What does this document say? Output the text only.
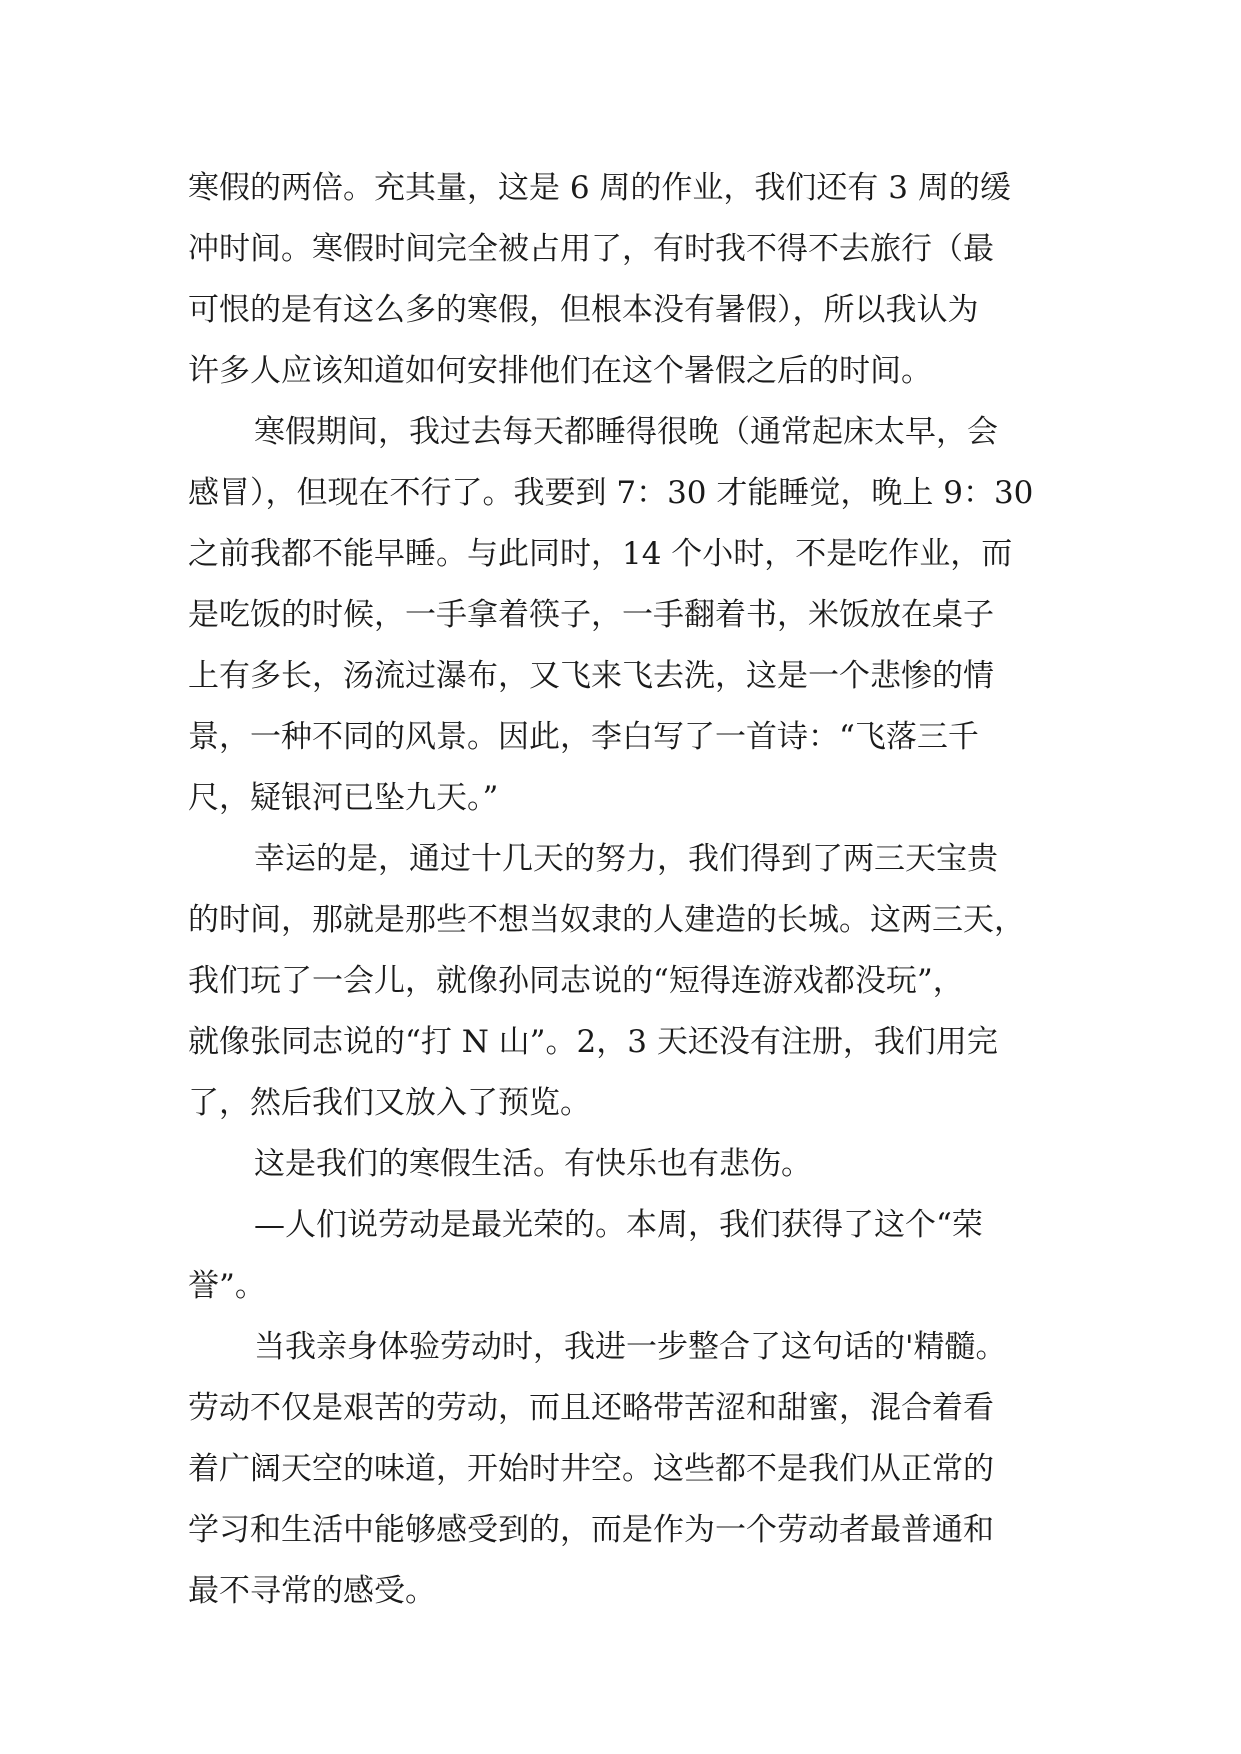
寒假的两倍。充其量，这是 6 周的作业，我们还有 3 周的缓
冲时间。寒假时间完全被占用了，有时我不得不去旅行（最
可恨的是有这么多的寒假，但根本没有暑假），所以我认为
许多人应该知道如何安排他们在这个暑假之后的时间。
寒假期间，我过去每天都睡得很晚（通常起床太早，会
感冒），但现在不行了。我要到 7：30 才能睡觉，晚上 9：30
之前我都不能早睡。与此同时，14 个小时，不是吃作业，而
是吃饭的时候，一手拿着筷子，一手翻着书，米饭放在桌子
上有多长，汤流过瀑布，又飞来飞去洗，这是一个悲惨的情
景，一种不同的风景。因此，李白写了一首诗：“飞落三千
尺，疑银河已坠九天。”
幸运的是，通过十几天的努力，我们得到了两三天宝贵
的时间，那就是那些不想当奴隶的人建造的长城。这两三天，
我们玩了一会儿，就像孙同志说的“短得连游戏都没玩”，
就像张同志说的“打 N 山”。2，3 天还没有注册，我们用完
了，然后我们又放入了预览。
这是我们的寒假生活。有快乐也有悲伤。
—人们说劳动是最光荣的。本周，我们获得了这个“荣
誉”。
当我亲身体验劳动时，我进一步整合了这句话的'精髓。
劳动不仅是艰苦的劳动，而且还略带苦涩和甜蜜，混合着看
着广阔天空的味道，开始时井空。这些都不是我们从正常的
学习和生活中能够感受到的，而是作为一个劳动者最普通和
最不寻常的感受。
